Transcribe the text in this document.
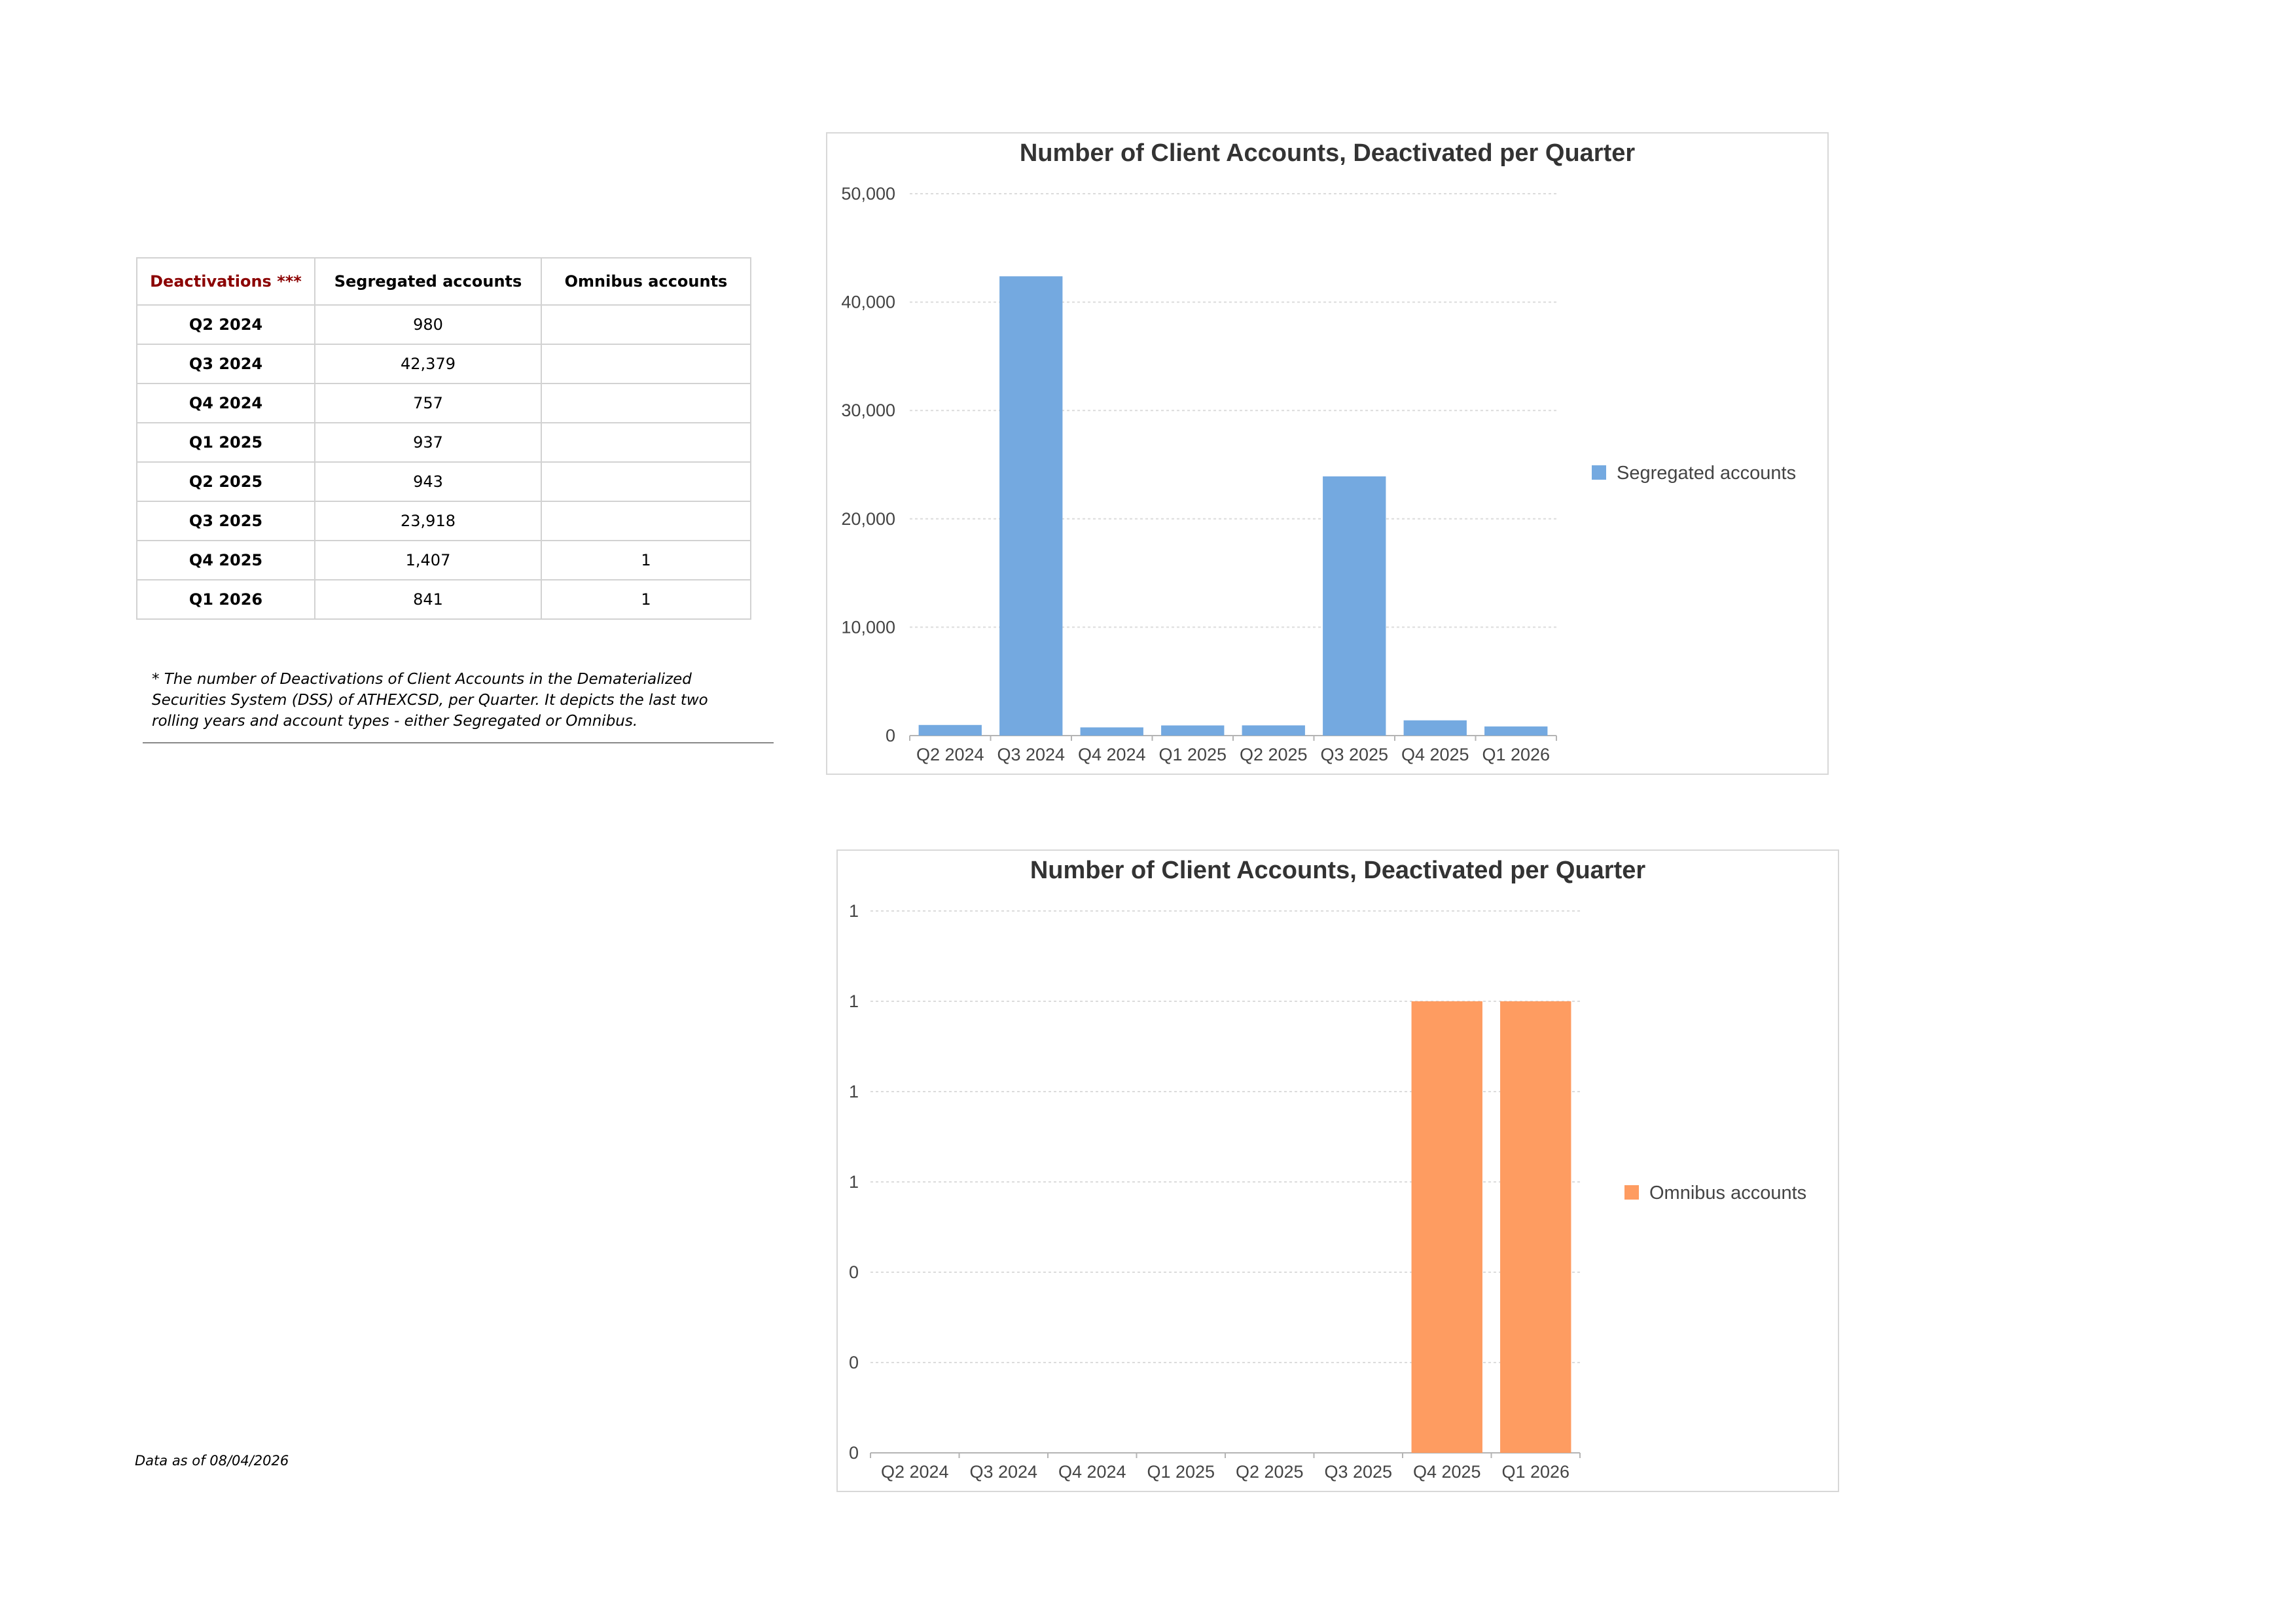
Deactivations ***	Segregated accounts	Omnibus accounts
Q2 2024	980	
Q3 2024	42,379	
Q4 2024	757	
Q1 2025	937	
Q2 2025	943	
Q3 2025	23,918	
Q4 2025	1,407	1
Q1 2026	841	1

* The number of Deactivations of Client Accounts in the Dematerialized Securities System (DSS) of ATHEXCSD, per Quarter. It depicts the last two rolling years and account types - either Segregated or Omnibus.

Data as of 08/04/2026
Number of Client Accounts, Deactivated per Quarter
0
10,000
20,000
30,000
40,000
50,000
Q2 2024 Q3 2024 Q4 2024 Q1 2025 Q2 2025 Q3 2025 Q4 2025 Q1 2026
Segregated accounts
Number of Client Accounts, Deactivated per Quarter
0
0
0
1
1
1
1
Q2 2024 Q3 2024 Q4 2024 Q1 2025 Q2 2025 Q3 2025 Q4 2025 Q1 2026
Omnibus accounts
